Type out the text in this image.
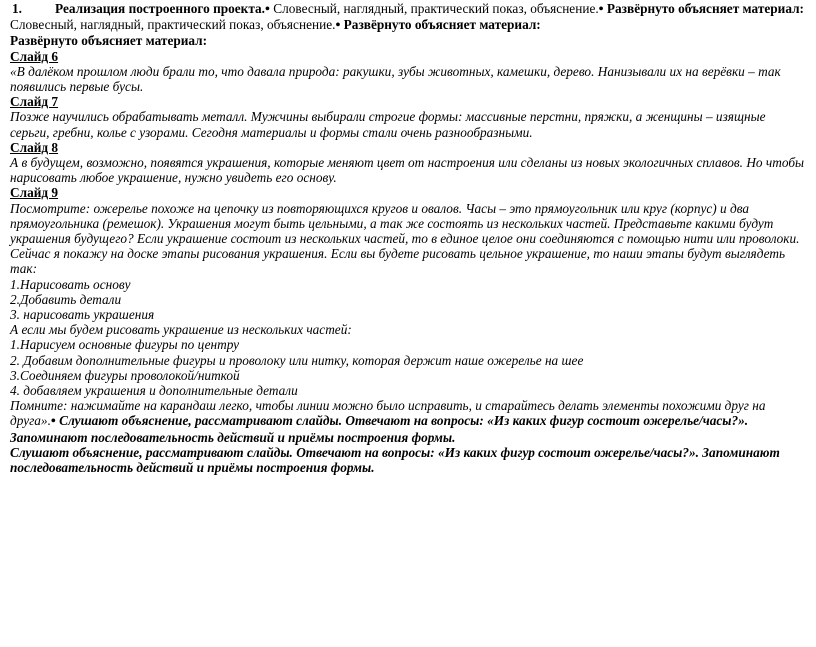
1. Реализация построенного проекта.• Словесный, наглядный, практический показ, объяснение.• Развёрнуто объясняет материал:
Словесный, наглядный, практический показ, объяснение.• Развёрнуто объясняет материал:
Развёрнуто объясняет материал:
Слайд 6
«В далёком прошлом люди брали то, что давала природа: ракушки, зубы животных, камешки, дерево. Нанизывали их на верёвки – так появились первые бусы.
Слайд 7
Позже научились обрабатывать металл. Мужчины выбирали строгие формы: массивные перстни, пряжки, а женщины – изящные серьги, гребни, колье с узорами. Сегодня материалы и формы стали очень разнообразными.
Слайд 8
А в будущем, возможно, появятся украшения, которые меняют цвет от настроения или сделаны из новых экологичных сплавов. Но чтобы нарисовать любое украшение, нужно увидеть его основу.
Слайд 9
Посмотрите: ожерелье похоже на цепочку из повторяющихся кругов и овалов. Часы – это прямоугольник или круг (корпус) и два прямоугольника (ремешок). Украшения могут быть цельными, а так же состоять из нескольких частей. Представьте какими будут украшения будущего? Если украшение состоит из нескольких частей, то в единое целое они соединяются с помощью нити или проволоки. Сейчас я покажу на доске этапы рисования украшения. Если вы будете рисовать цельное украшение, то наши этапы будут выглядеть так:
1.Нарисовать основу
2.Добавить детали
3. нарисовать украшения
А если мы будем рисовать украшение из нескольких частей:
1.Нарисуем основные фигуры по центру
2. Добавим дополнительные фигуры и проволоку или нитку, которая держит наше ожерелье на шее
3.Соединяем фигуры проволокой/ниткой
4. добавляем украшения и дополнительные детали
Помните: нажимайте на карандаш легко, чтобы линии можно было исправить, и старайтесь делать элементы похожими друг на друга».• Слушают объяснение, рассматривают слайды. Отвечают на вопросы: «Из каких фигур состоит ожерелье/часы?». Запоминают последовательность действий и приёмы построения формы.
Слушают объяснение, рассматривают слайды. Отвечают на вопросы: «Из каких фигур состоит ожерелье/часы?». Запоминают последовательность действий и приёмы построения формы.
